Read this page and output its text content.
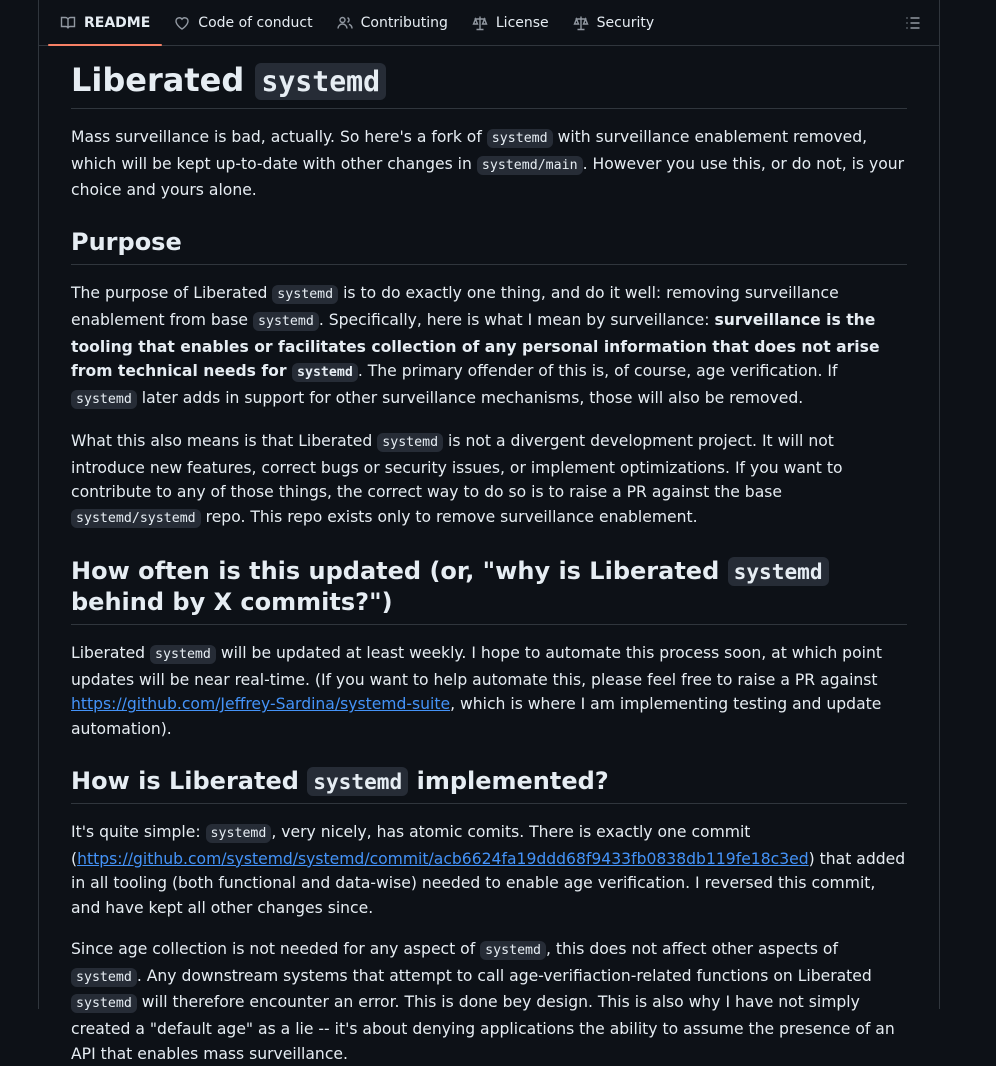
README	Code of conduct	Contributing	License	Security
Liberated systemd

Mass surveillance is bad, actually. So here's a fork of systemd with surveillance enablement removed, which will be kept up-to-date with other changes in systemd/main . However you use this, or do not, is your choice and yours alone.

Purpose

The purpose of Liberated systemd is to do exactly one thing, and do it well: removing surveillance enablement from base systemd . Specifically, here is what I mean by surveillance: surveillance is the tooling that enables or facilitates collection of any personal information that does not arise from technical needs for systemd . The primary offender of this is, of course, age verification. If systemd later adds in support for other surveillance mechanisms, those will also be removed.

What this also means is that Liberated systemd is not a divergent development project. It will not introduce new features, correct bugs or security issues, or implement optimizations. If you want to contribute to any of those things, the correct way to do so is to raise a PR against the base systemd/systemd repo. This repo exists only to remove surveillance enablement.

How often is this updated (or, "why is Liberated systemd behind by X commits?")

Liberated systemd will be updated at least weekly. I hope to automate this process soon, at which point updates will be near real-time. (If you want to help automate this, please feel free to raise a PR against https://github.com/Jeffrey-Sardina/systemd-suite, which is where I am implementing testing and update automation).

How is Liberated systemd implemented?

It's quite simple: systemd , very nicely, has atomic comits. There is exactly one commit (https://github.com/systemd/systemd/commit/acb6624fa19ddd68f9433fb0838db119fe18c3ed) that added in all tooling (both functional and data-wise) needed to enable age verification. I reversed this commit, and have kept all other changes since.

Since age collection is not needed for any aspect of systemd , this does not affect other aspects of systemd . Any downstream systems that attempt to call age-verifiaction-related functions on Liberated systemd will therefore encounter an error. This is done bey design. This is also why I have not simply created a "default age" as a lie -- it's about denying applications the ability to assume the presence of an API that enables mass surveillance.
